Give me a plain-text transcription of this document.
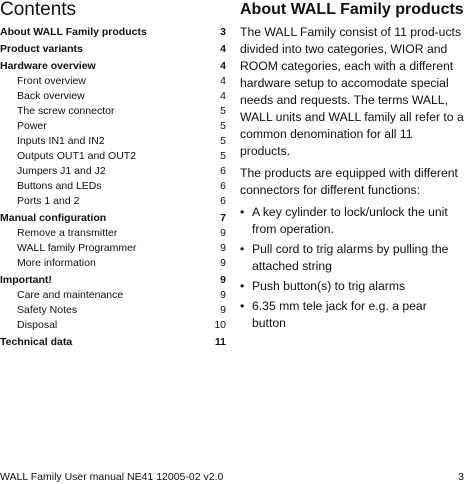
Contents
About WALL Family products	3
Product variants	4
Hardware overview	4
Front overview	4
Back overview	4
The screw connector	5
Power	5
Inputs IN1 and IN2	5
Outputs OUT1 and OUT2	5
Jumpers J1 and J2	6
Buttons and LEDs	6
Ports 1 and 2	6
Manual configuration	7
Remove a transmitter	9
WALL family Programmer	9
More information	9
Important!	9
Care and maintenance	9
Safety Notes	9
Disposal	10
Technical data	11
About WALL Family products

The WALL Family consist of 11 prod-ucts divided into two categories, WIOR and ROOM categories, each with a different hardware setup to accomodate special needs and requests. The terms WALL, WALL units and WALL family all refer to a common denomination for all 11 products.

The products are equipped with different connectors for different functions:

• A key cylinder to lock/unlock the unit from operation.
• Pull cord to trig alarms by pulling the attached string
• Push button(s) to trig alarms
• 6.35 mm tele jack for e.g. a pear button
WALL Family User manual NE41 12005-02 v2.0	3
